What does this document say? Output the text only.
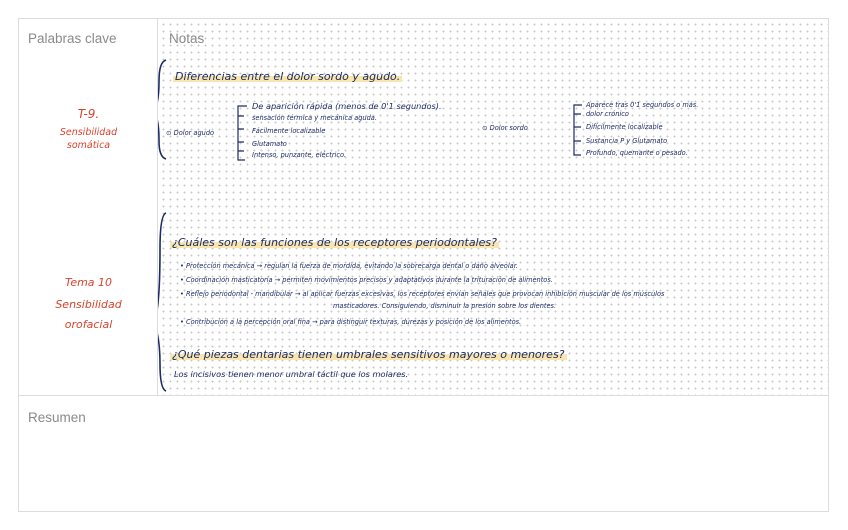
Palabras clave
T-9.
Sensibilidad
somática
Tema 10
Sensibilidad
orofacial
Notas
Diferencias entre el dolor sordo y agudo.
⊙ Dolor agudo
De aparición rápida (menos de 0'1 segundos).
sensación térmica y mecánica aguda.
Fácilmente localizable
Glutamato
Intenso, punzante, eléctrico.
⊙ Dolor sordo
Aparece tras 0'1 segundos o más.
dolor crónico
Difícilmente localizable
Sustancia P y Glutamato
Profundo, quemante o pesado.
¿Cuáles son las funciones de los receptores periodontales?
• Protección mecánica → regulan la fuerza de mordida, evitando la sobrecarga dental o daño alveolar.
• Coordinación masticatoria → permiten movimientos precisos y adaptativos durante la trituración de alimentos.
• Reflejo periodontal - mandibular → al aplicar fuerzas excesivas, los receptores envían señales que provocan inhibición muscular de los músculos
masticadores. Consiguiendo, disminuir la presión sobre los dientes.
• Contribución a la percepción oral fina → para distinguir texturas, durezas y posición de los alimentos.
¿Qué piezas dentarias tienen umbrales sensitivos mayores o menores?
Los incisivos tienen menor umbral táctil que los molares.
Resumen
